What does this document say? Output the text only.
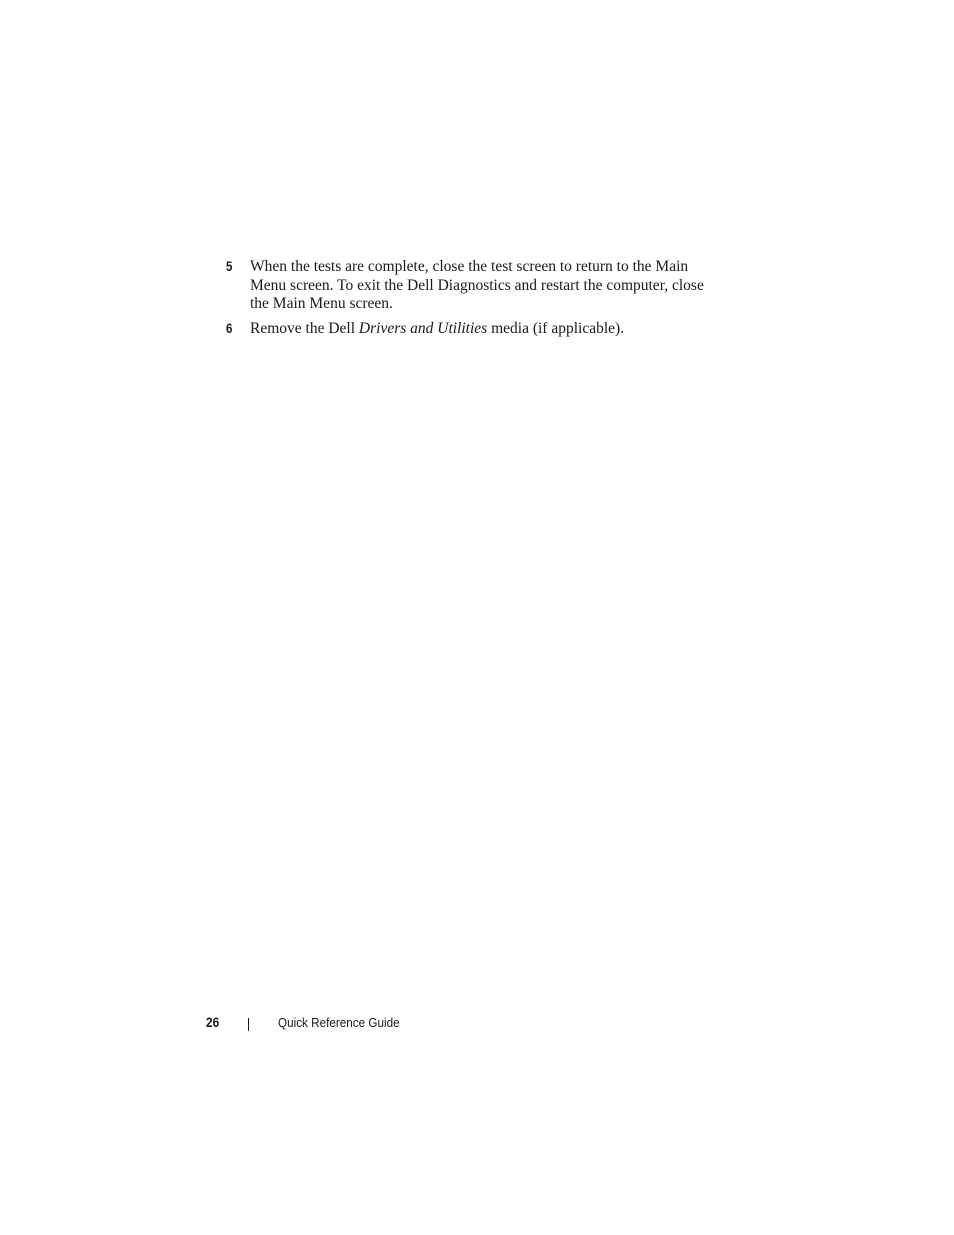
5 When the tests are complete, close the test screen to return to the Main Menu screen. To exit the Dell Diagnostics and restart the computer, close the Main Menu screen.
6 Remove the Dell Drivers and Utilities media (if applicable).
26	Quick Reference Guide
